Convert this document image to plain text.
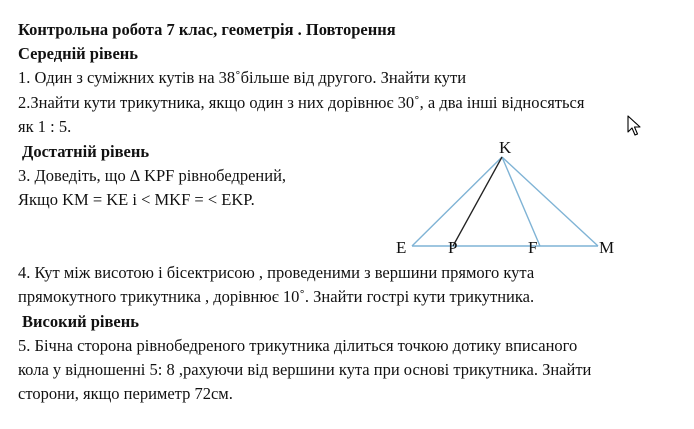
Контрольна робота 7 клас, геометрія . Повторення
Середній рівень
1. Один з суміжних кутів на 38˚більше від другого. Знайти кути
2.Знайти кути трикутника, якщо один з них дорівнює 30˚, а два інші відносяться
як 1 : 5.
Достатній рівень
3. Доведіть, що ∆ KPF рівнобедрений,
Якщо KM = KE і < MKF = < EKP.
K
E P	F	M
4. Кут між висотою і бісектрисою , проведеними з вершини прямого кута
прямокутного трикутника , дорівнює 10˚. Знайти гострі кути трикутника.
Високий рівень
5. Бічна сторона рівнобедреного трикутника ділиться точкою дотику вписаного
кола у відношенні 5: 8 ,рахуючи від вершини кута при основі трикутника. Знайти
сторони, якщо периметр 72см.
